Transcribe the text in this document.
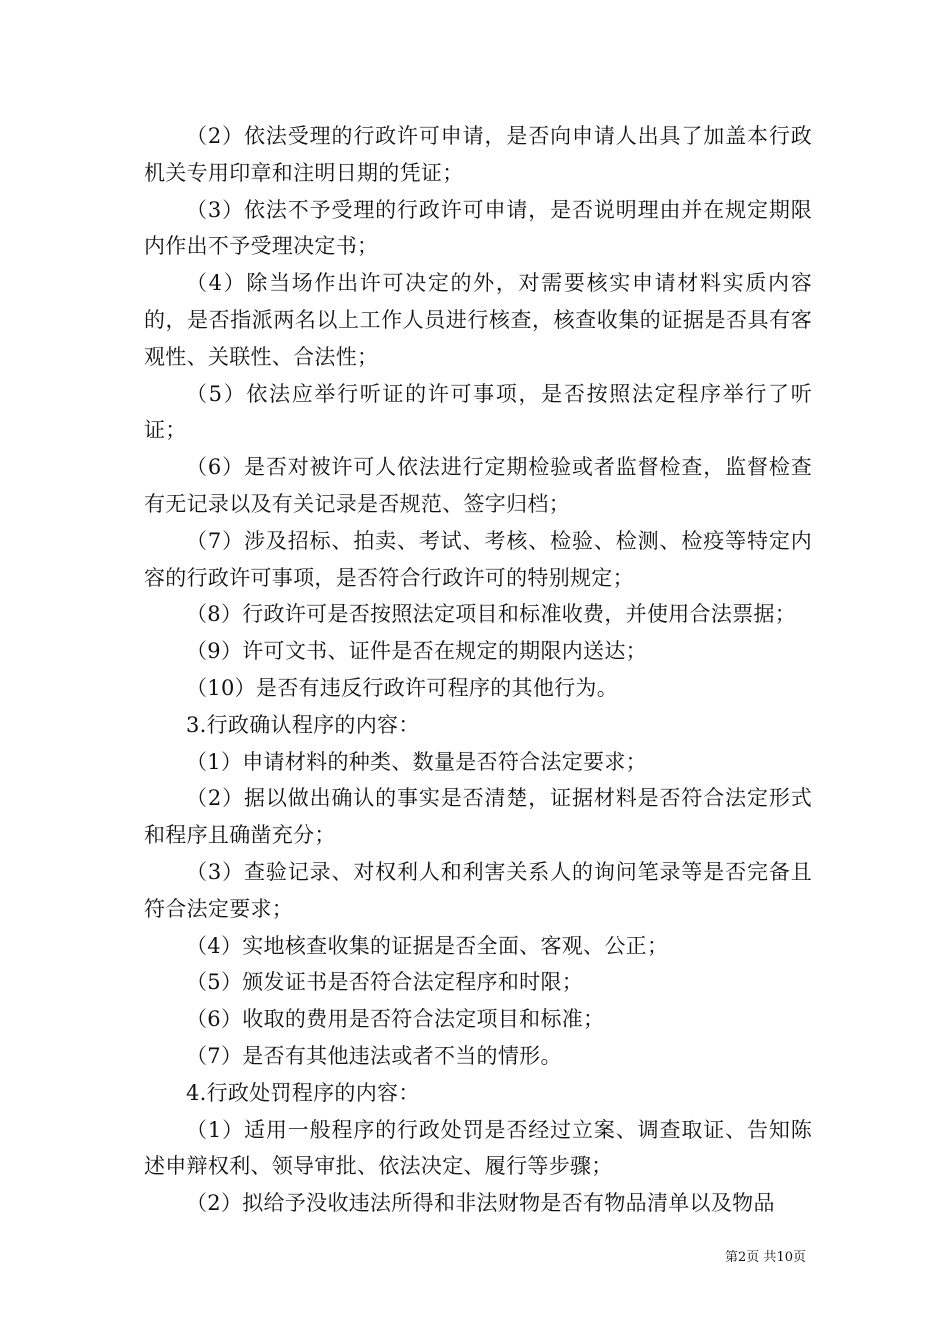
（2）依法受理的行政许可申请，是否向申请人出具了加盖本行政机关专用印章和注明日期的凭证；

（3）依法不予受理的行政许可申请，是否说明理由并在规定期限内作出不予受理决定书；

（4）除当场作出许可决定的外，对需要核实申请材料实质内容的，是否指派两名以上工作人员进行核查，核查收集的证据是否具有客观性、关联性、合法性；

（5）依法应举行听证的许可事项，是否按照法定程序举行了听证；

（6）是否对被许可人依法进行定期检验或者监督检查，监督检查有无记录以及有关记录是否规范、签字归档；

（7）涉及招标、拍卖、考试、考核、检验、检测、检疫等特定内容的行政许可事项，是否符合行政许可的特别规定；

（8）行政许可是否按照法定项目和标准收费，并使用合法票据；

（9）许可文书、证件是否在规定的期限内送达；

（10）是否有违反行政许可程序的其他行为。

3.行政确认程序的内容：

（1）申请材料的种类、数量是否符合法定要求；

（2）据以做出确认的事实是否清楚，证据材料是否符合法定形式和程序且确凿充分；

（3）查验记录、对权利人和利害关系人的询问笔录等是否完备且符合法定要求；

（4）实地核查收集的证据是否全面、客观、公正；

（5）颁发证书是否符合法定程序和时限；

（6）收取的费用是否符合法定项目和标准；

（7）是否有其他违法或者不当的情形。

4.行政处罚程序的内容：

（1）适用一般程序的行政处罚是否经过立案、调查取证、告知陈述申辩权利、领导审批、依法决定、履行等步骤；

（2）拟给予没收违法所得和非法财物是否有物品清单以及物品

第2页 共10页
